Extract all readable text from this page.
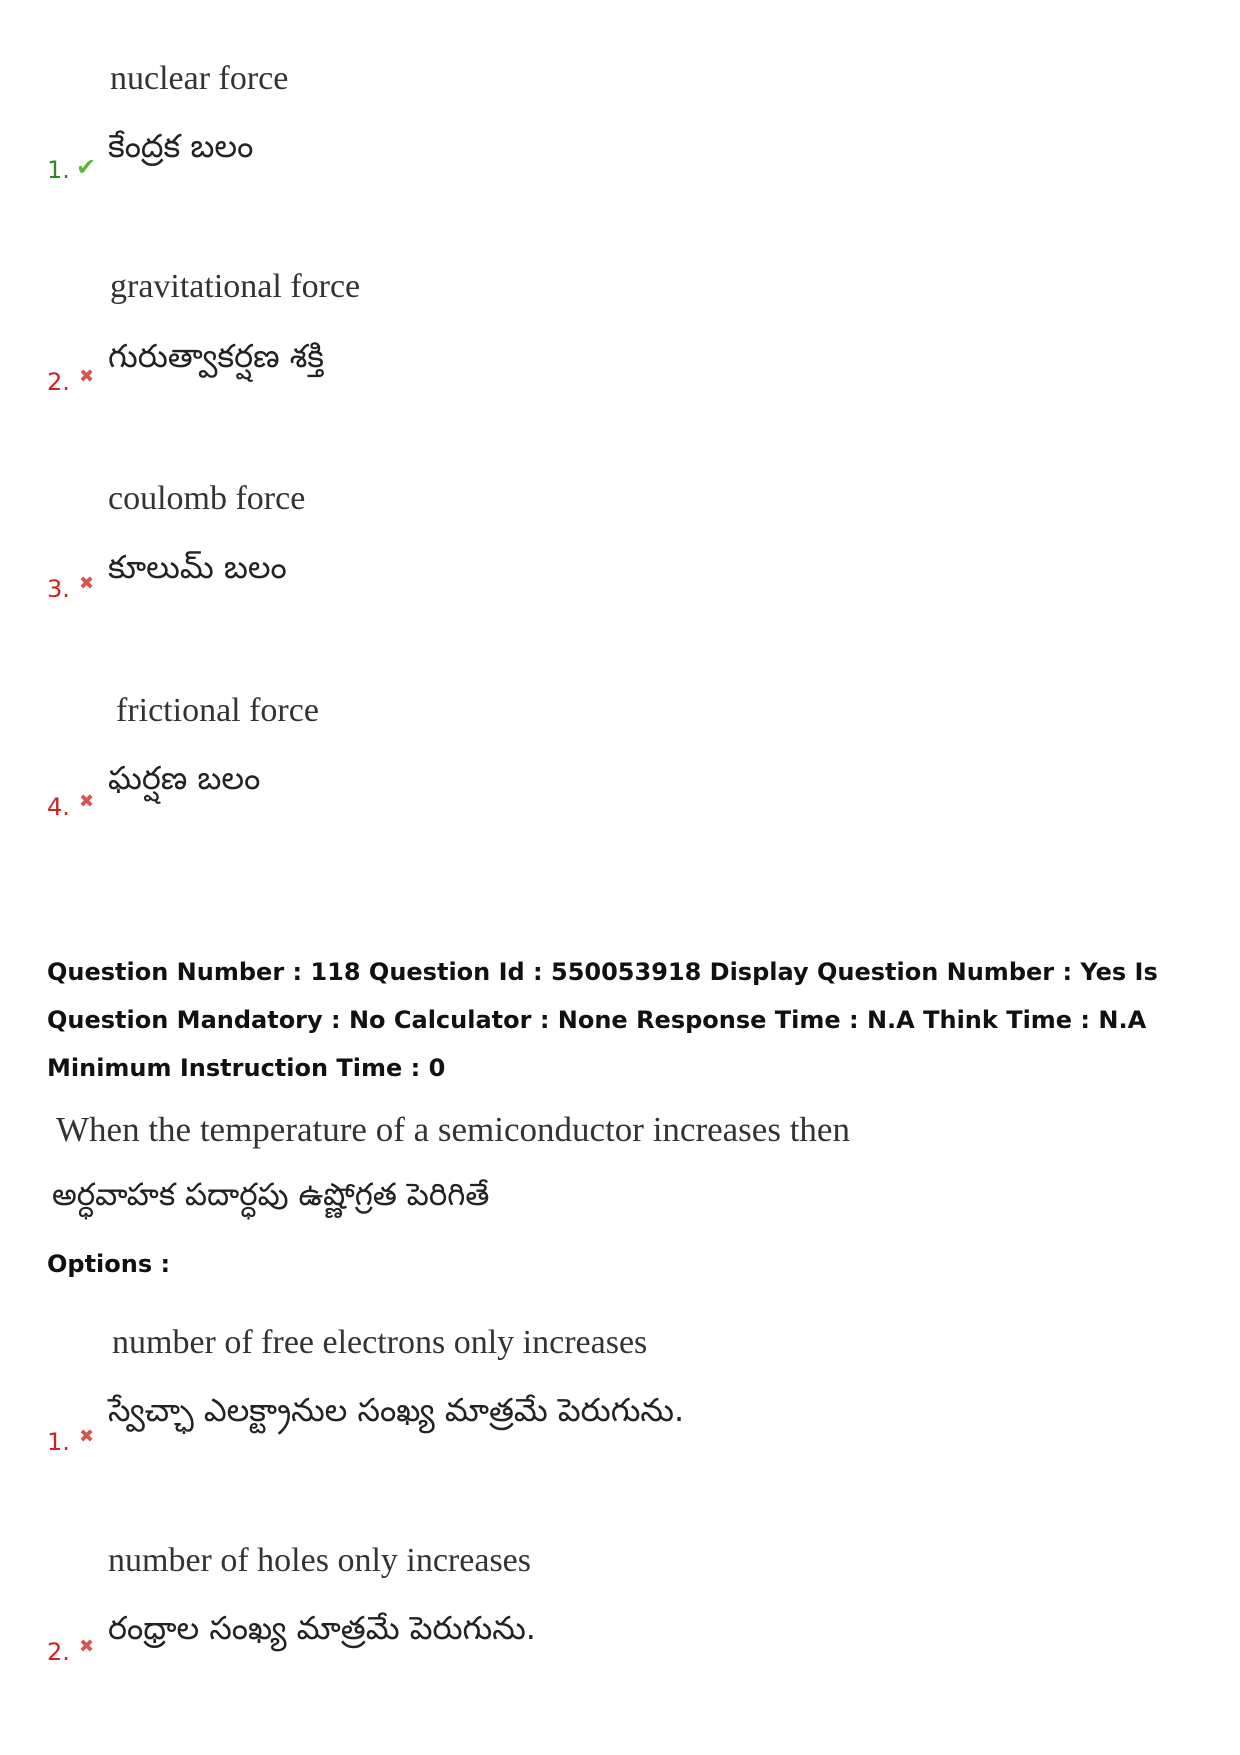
nuclear force
కేంద్రక బలం
1. ✔
gravitational force
గురుత్వాకర్షణ శక్తి
2. ✖
coulomb force
కూలుమ్ బలం
3. ✖
frictional force
ఘర్షణ బలం
4. ✖
Question Number : 118 Question Id : 550053918 Display Question Number : Yes Is Question Mandatory : No Calculator : None Response Time : N.A Think Time : N.A Minimum Instruction Time : 0
When the temperature of a semiconductor increases then
అర్ధవాహక పదార్ధపు ఉష్ణోగ్రత పెరిగితే
Options :
number of free electrons only increases
స్వేచ్ఛా ఎలక్ట్రానుల సంఖ్య మాత్రమే పెరుగును.
1. ✖
number of holes only increases
రంధ్రాల సంఖ్య మాత్రమే పెరుగును.
2. ✖
